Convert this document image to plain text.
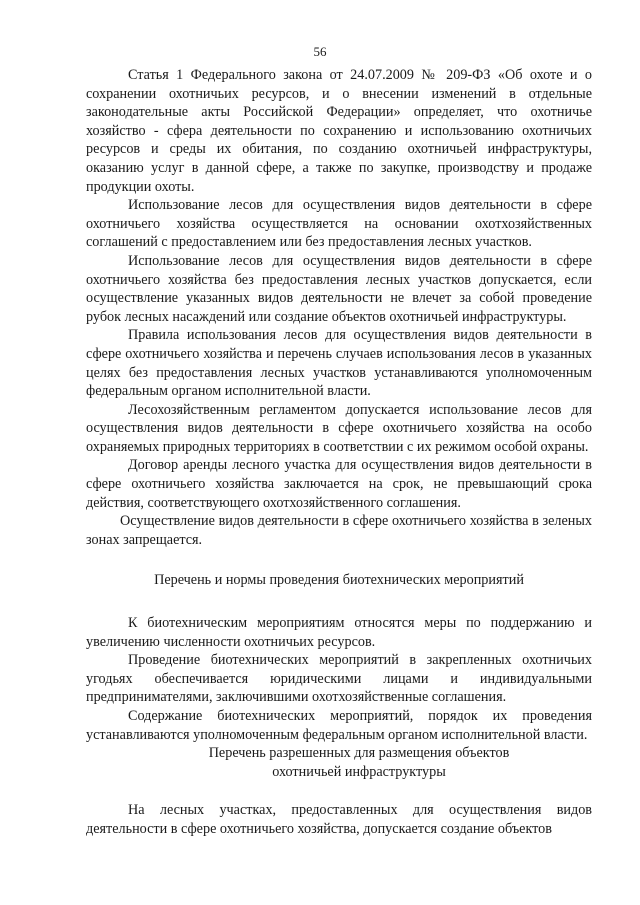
56

Статья 1 Федерального закона от 24.07.2009 № 209-ФЗ «Об охоте и о сохранении охотничьих ресурсов, и о внесении изменений в отдельные законодательные акты Российской Федерации» определяет, что охотничье хозяйство - сфера деятельности по сохранению и использованию охотничьих ресурсов и среды их обитания, по созданию охотничьей инфраструктуры, оказанию услуг в данной сфере, а также по закупке, производству и продаже продукции охоты.

Использование лесов для осуществления видов деятельности в сфере охотничьего хозяйства осуществляется на основании охотхозяйственных соглашений с предоставлением или без предоставления лесных участков.

Использование лесов для осуществления видов деятельности в сфере охотничьего хозяйства без предоставления лесных участков допускается, если осуществление указанных видов деятельности не влечет за собой проведение рубок лесных насаждений или создание объектов охотничьей инфраструктуры.

Правила использования лесов для осуществления видов деятельности в сфере охотничьего хозяйства и перечень случаев использования лесов в указанных целях без предоставления лесных участков устанавливаются уполномоченным федеральным органом исполнительной власти.

Лесохозяйственным регламентом допускается использование лесов для осуществления видов деятельности в сфере охотничьего хозяйства на особо охраняемых природных территориях в соответствии с их режимом особой охраны.

Договор аренды лесного участка для осуществления видов деятельности в сфере охотничьего хозяйства заключается на срок, не превышающий срока действия, соответствующего охотхозяйственного соглашения.

Осуществление видов деятельности в сфере охотничьего хозяйства в зеленых зонах запрещается.

Перечень и нормы проведения биотехнических мероприятий

К биотехническим мероприятиям относятся меры по поддержанию и увеличению численности охотничьих ресурсов.

Проведение биотехнических мероприятий в закрепленных охотничьих угодьях обеспечивается юридическими лицами и индивидуальными предпринимателями, заключившими охотхозяйственные соглашения.

Содержание биотехнических мероприятий, порядок их проведения устанавливаются уполномоченным федеральным органом исполнительной власти.

Перечень разрешенных для размещения объектов
охотничьей инфраструктуры

На лесных участках, предоставленных для осуществления видов деятельности в сфере охотничьего хозяйства, допускается создание объектов
